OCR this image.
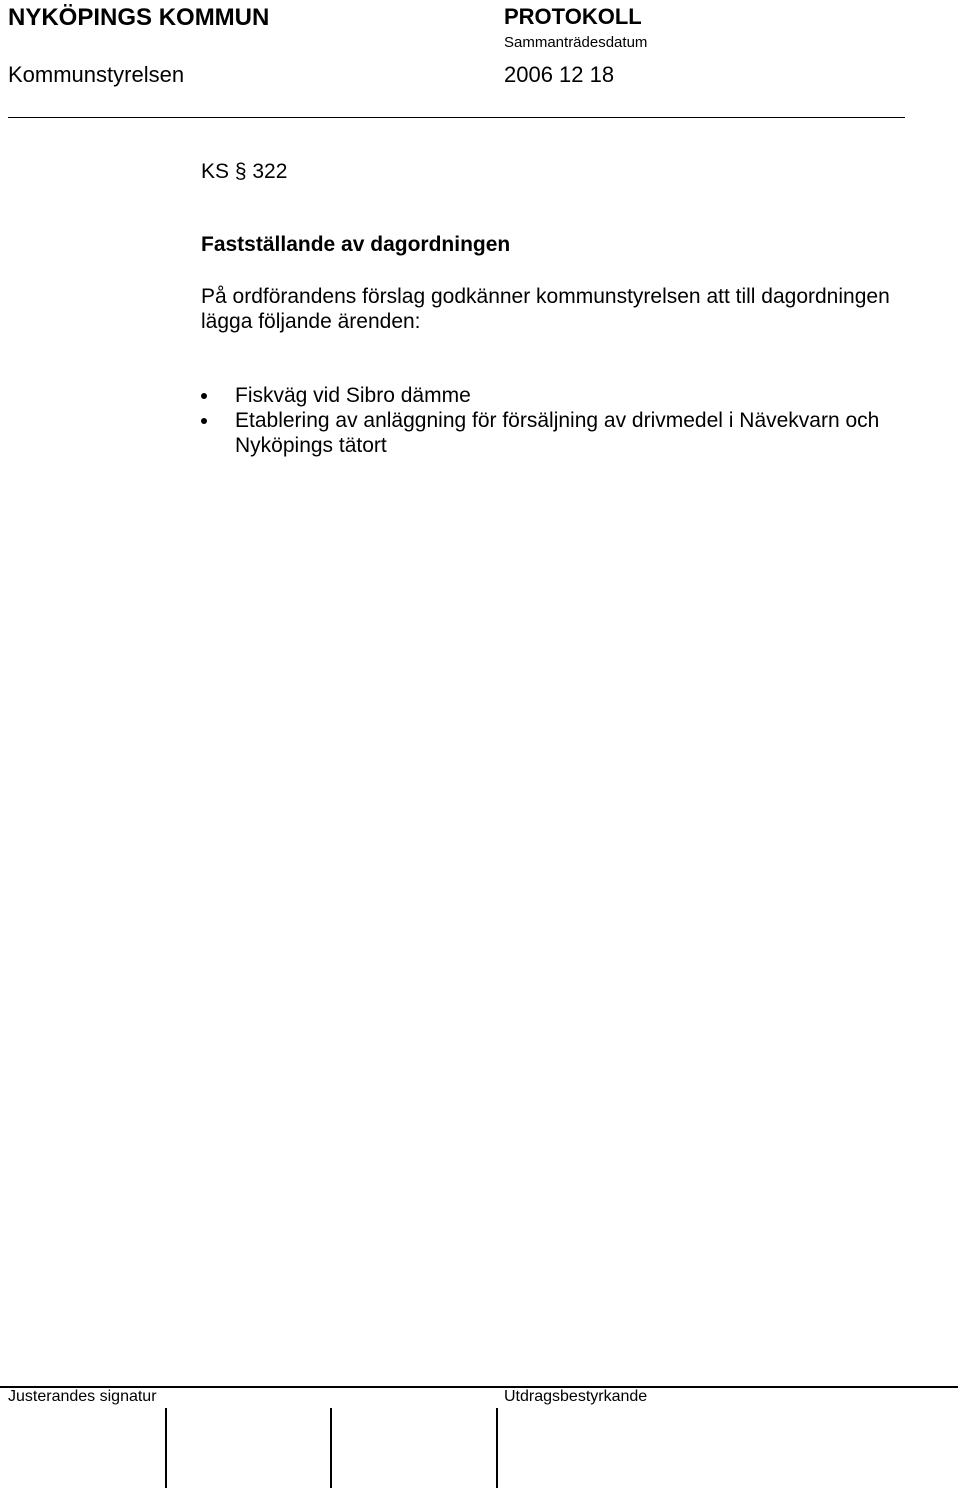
NYKÖPINGS KOMMUN	PROTOKOLL
Sammanträdesdatum
Kommunstyrelsen	2006 12 18
KS § 322
Fastställande av dagordningen
På ordförandens förslag godkänner kommunstyrelsen att till dagordningen lägga följande ärenden:
Fiskväg vid Sibro dämme
Etablering av anläggning för försäljning av drivmedel i Nävekvarn och Nyköpings tätort
Justerandes signatur	Utdragsbestyrkande
